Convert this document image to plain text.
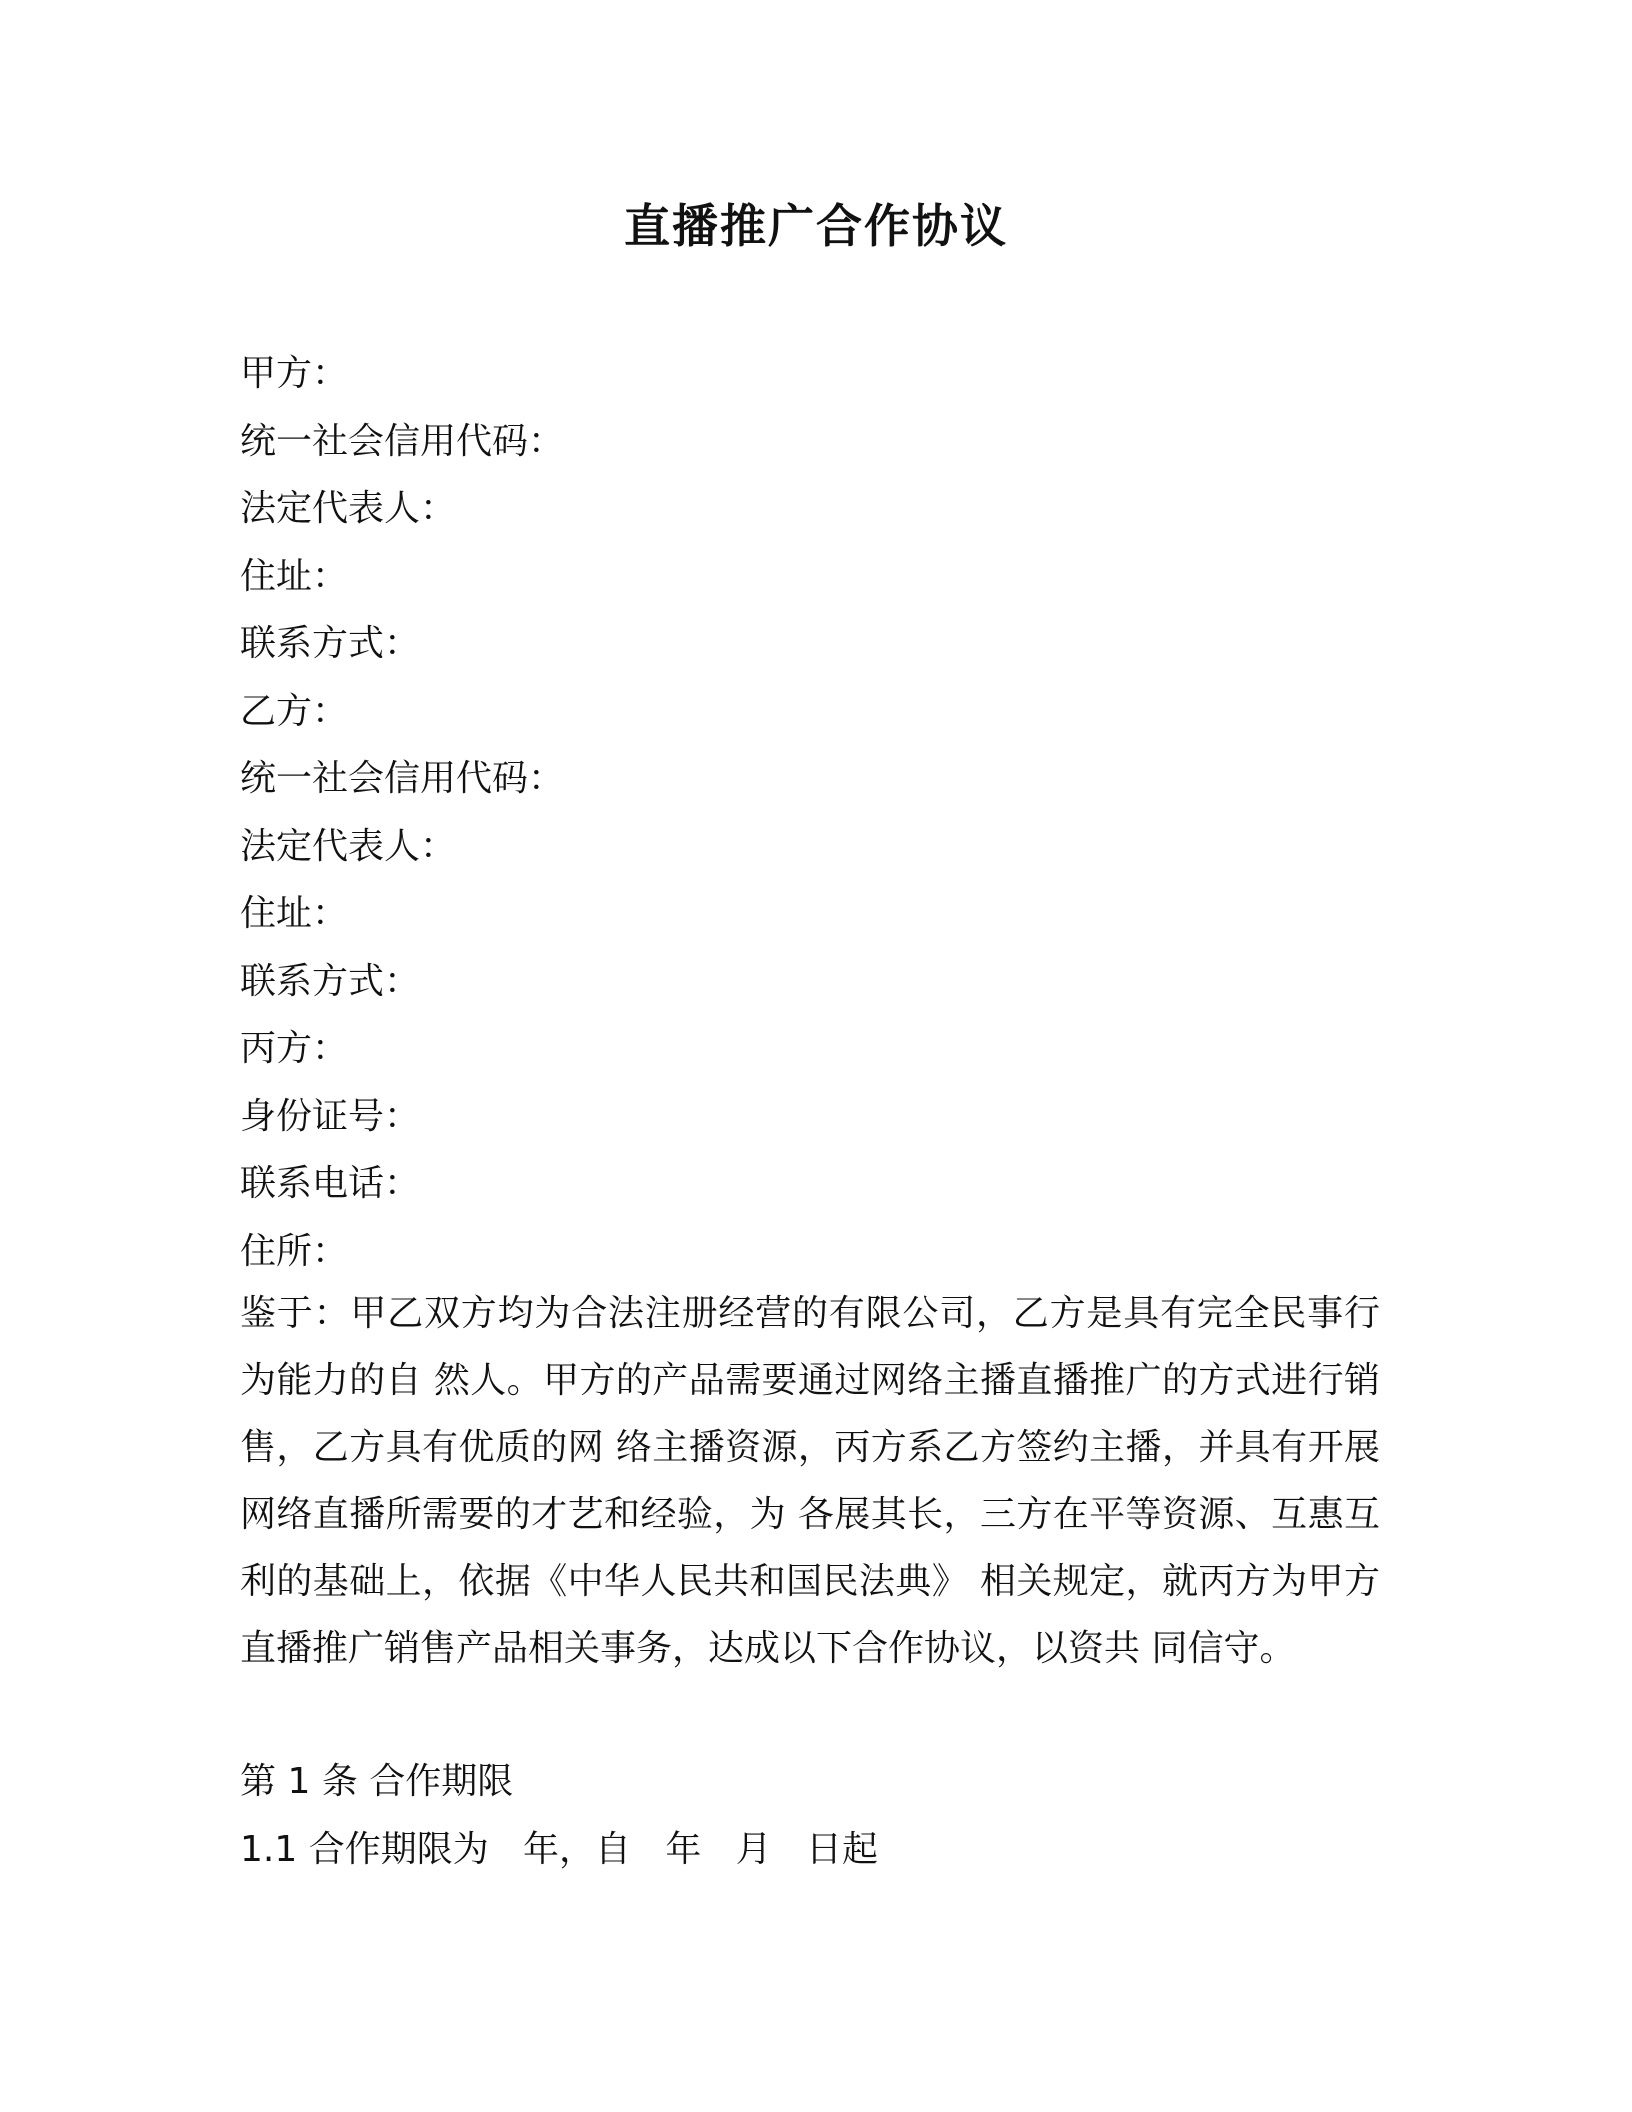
直播推广合作协议
甲方：
统一社会信用代码：
法定代表人：
住址：
联系方式：
乙方：
统一社会信用代码：
法定代表人：
住址：
联系方式：
丙方：
身份证号：
联系电话：
住所：
鉴于：甲乙双方均为合法注册经营的有限公司，乙方是具有完全民事行为能力的自 然人。甲方的产品需要通过网络主播直播推广的方式进行销售，乙方具有优质的网 络主播资源，丙方系乙方签约主播，并具有开展网络直播所需要的才艺和经验，为 各展其长，三方在平等资源、互惠互利的基础上，依据《中华人民共和国民法典》 相关规定，就丙方为甲方直播推广销售产品相关事务，达成以下合作协议，以资共 同信守。
第 1 条 合作期限
1.1 合作期限为   年，自   年   月   日起
